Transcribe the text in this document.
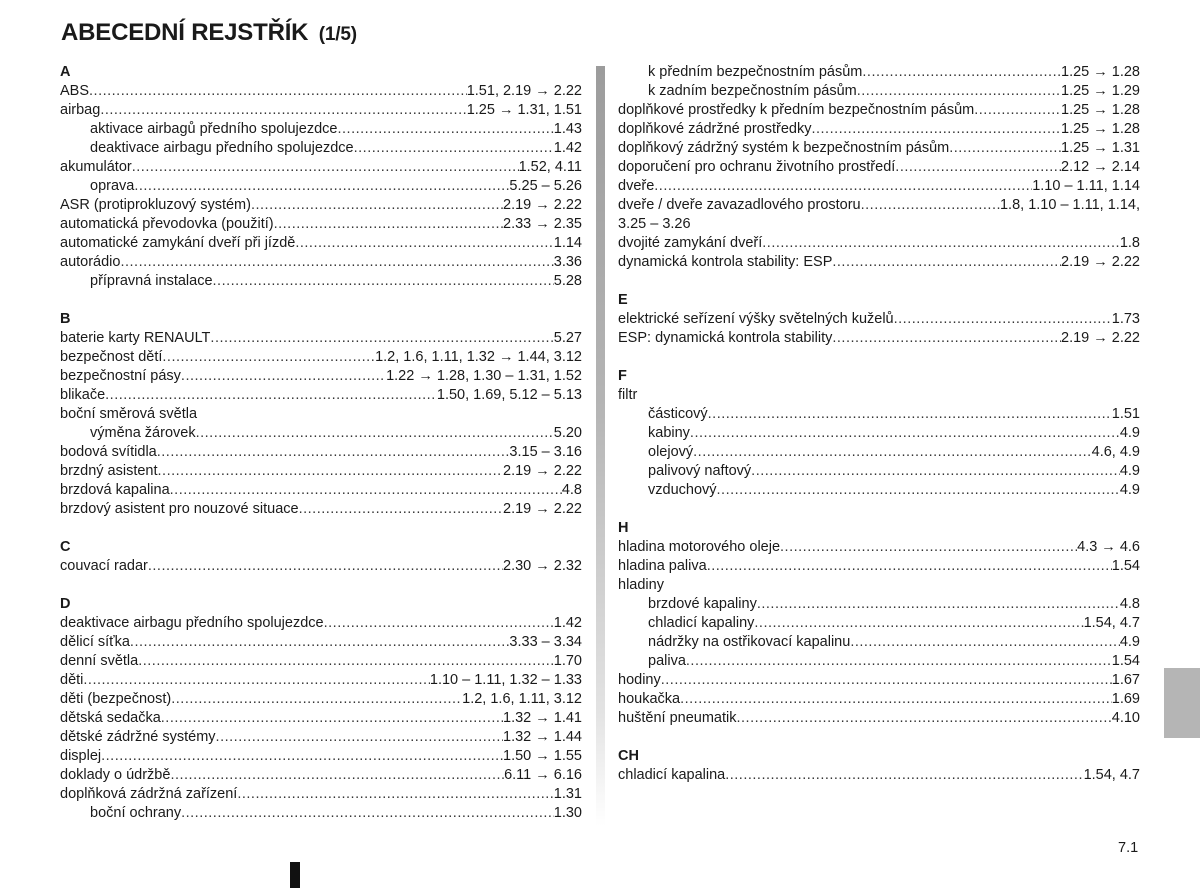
ABECEDNÍ REJSTŘÍK (1/5)
A
ABS .....	1.51, 2.19 → 2.22
airbag .....	1.25 → 1.31, 1.51
aktivace airbagů předního spolujezdce .....	1.43
deaktivace airbagu předního spolujezdce .....	1.42
akumulátor .....	1.52, 4.11
oprava .....	5.25 – 5.26
ASR (protiprokluzový systém) .....	2.19 → 2.22
automatická převodovka (použití) .....	2.33 → 2.35
automatické zamykání dveří při jízdě .....	1.14
autorádio .....	3.36
přípravná instalace .....	5.28
B
baterie karty RENAULT .....	5.27
bezpečnost dětí .....	1.2, 1.6, 1.11, 1.32 → 1.44, 3.12
bezpečnostní pásy .....	1.22 → 1.28, 1.30 – 1.31, 1.52
blikače .....	1.50, 1.69, 5.12 – 5.13
boční směrová světla
výměna žárovek .....	5.20
bodová svítidla .....	3.15 – 3.16
brzdný asistent .....	2.19 → 2.22
brzdová kapalina .....	4.8
brzdový asistent pro nouzové situace .....	2.19 → 2.22
C
couvací radar .....	2.30 → 2.32
D
deaktivace airbagu předního spolujezdce .....	1.42
dělicí síťka .....	3.33 – 3.34
denní světla .....	1.70
děti .....	1.10 – 1.11, 1.32 – 1.33
děti (bezpečnost) .....	1.2, 1.6, 1.11, 3.12
dětská sedačka .....	1.32 → 1.41
dětské zádržné systémy .....	1.32 → 1.44
displej .....	1.50 → 1.55
doklady o údržbě .....	6.11 → 6.16
doplňková zádržná zařízení .....	1.31
boční ochrany .....	1.30
k předním bezpečnostním pásům .....	1.25 → 1.28
k zadním bezpečnostním pásům .....	1.25 → 1.29
doplňkové prostředky k předním bezpečnostním pásům .....	1.25 → 1.28
doplňkové zádržné prostředky .....	1.25 → 1.28
doplňkový zádržný systém k bezpečnostním pásům .....	1.25 → 1.31
doporučení pro ochranu životního prostředí .....	2.12 → 2.14
dveře .....	1.10 – 1.11, 1.14
dveře / dveře zavazadlového prostoru .....	1.8, 1.10 – 1.11, 1.14,
3.25 – 3.26
dvojité zamykání dveří .....	1.8
dynamická kontrola stability: ESP .....	2.19 → 2.22
E
elektrické seřízení výšky světelných kuželů .....	1.73
ESP: dynamická kontrola stability .....	2.19 → 2.22
F
filtr
částicový .....	1.51
kabiny .....	4.9
olejový .....	4.6, 4.9
palivový naftový .....	4.9
vzduchový .....	4.9
H
hladina motorového oleje .....	4.3 → 4.6
hladina paliva .....	1.54
hladiny
brzdové kapaliny .....	4.8
chladicí kapaliny .....	1.54, 4.7
nádržky na ostřikovací kapalinu .....	4.9
paliva .....	1.54
hodiny .....	1.67
houkačka .....	1.69
huštění pneumatik .....	4.10
CH
chladicí kapalina .....	1.54, 4.7
7.1
